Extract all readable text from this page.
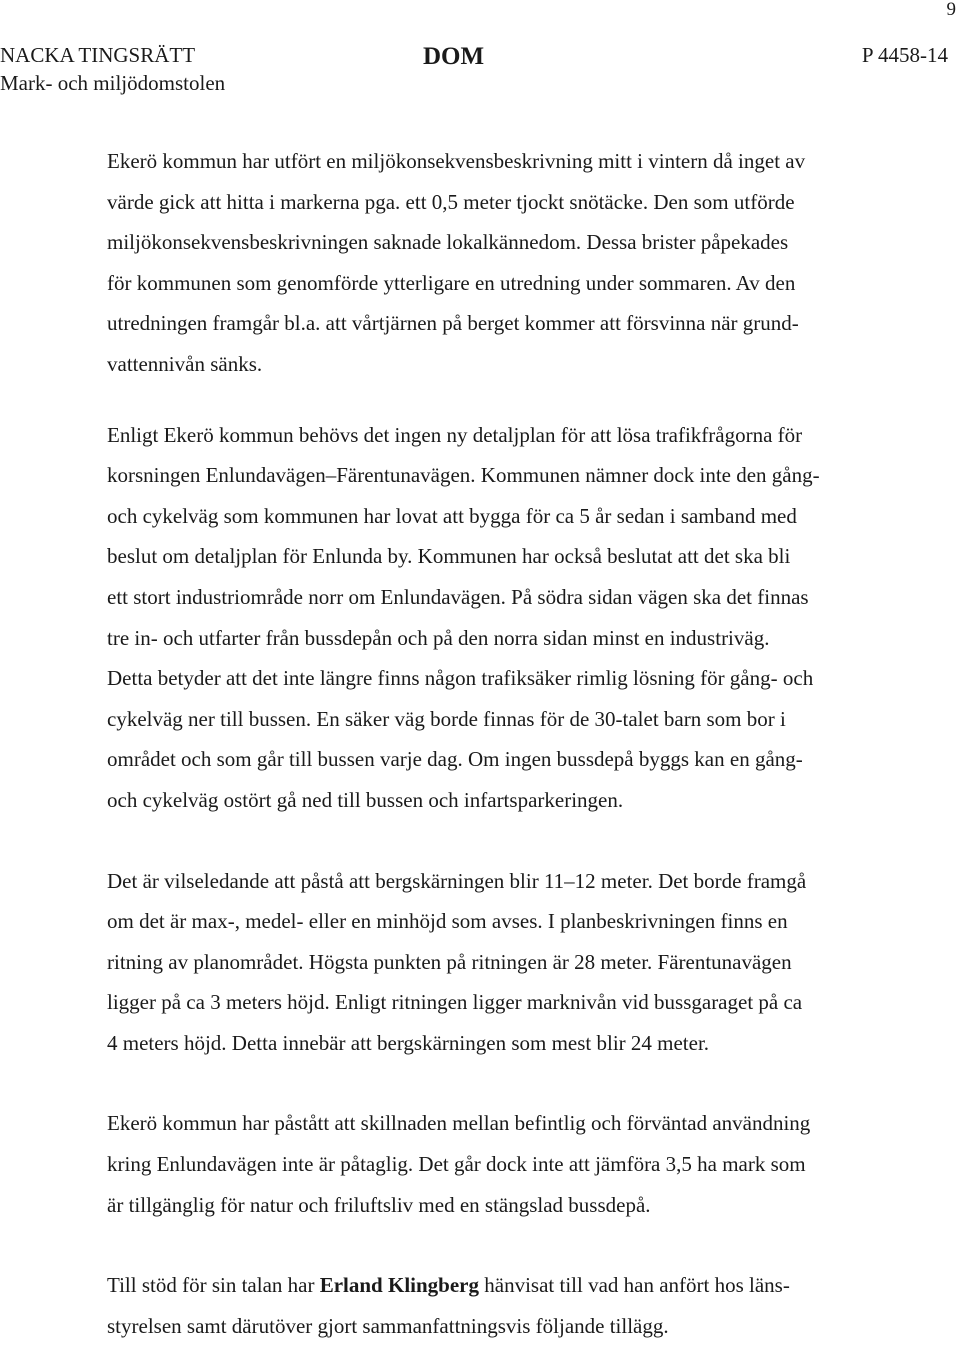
9
NACKA TINGSRÄTT
Mark- och miljödomstolen
DOM	P 4458-14

Ekerö kommun har utfört en miljökonsekvensbeskrivning mitt i vintern då inget av
värde gick att hitta i markerna pga. ett 0,5 meter tjockt snötäcke. Den som utförde
miljökonsekvensbeskrivningen saknade lokalkännedom. Dessa brister påpekades
för kommunen som genomförde ytterligare en utredning under sommaren. Av den
utredningen framgår bl.a. att vårtjärnen på berget kommer att försvinna när grund-
vattennivån sänks.

Enligt Ekerö kommun behövs det ingen ny detaljplan för att lösa trafikfrågorna för
korsningen Enlundavägen–Färentunavägen. Kommunen nämner dock inte den gång-
och cykelväg som kommunen har lovat att bygga för ca 5 år sedan i samband med
beslut om detaljplan för Enlunda by. Kommunen har också beslutat att det ska bli
ett stort industriområde norr om Enlundavägen. På södra sidan vägen ska det finnas
tre in- och utfarter från bussdepån och på den norra sidan minst en industriväg.
Detta betyder att det inte längre finns någon trafiksäker rimlig lösning för gång- och
cykelväg ner till bussen. En säker väg borde finnas för de 30-talet barn som bor i
området och som går till bussen varje dag. Om ingen bussdepå byggs kan en gång-
och cykelväg ostört gå ned till bussen och infartsparkeringen.

Det är vilseledande att påstå att bergskärningen blir 11–12 meter. Det borde framgå
om det är max-, medel- eller en minhöjd som avses. I planbeskrivningen finns en
ritning av planområdet. Högsta punkten på ritningen är 28 meter. Färentunavägen
ligger på ca 3 meters höjd. Enligt ritningen ligger marknivån vid bussgaraget på ca
4 meters höjd. Detta innebär att bergskärningen som mest blir 24 meter.

Ekerö kommun har påstått att skillnaden mellan befintlig och förväntad användning
kring Enlundavägen inte är påtaglig. Det går dock inte att jämföra 3,5 ha mark som
är tillgänglig för natur och friluftsliv med en stängslad bussdepå.

Till stöd för sin talan har Erland Klingberg hänvisat till vad han anfört hos läns-
styrelsen samt därutöver gjort sammanfattningsvis följande tillägg.
